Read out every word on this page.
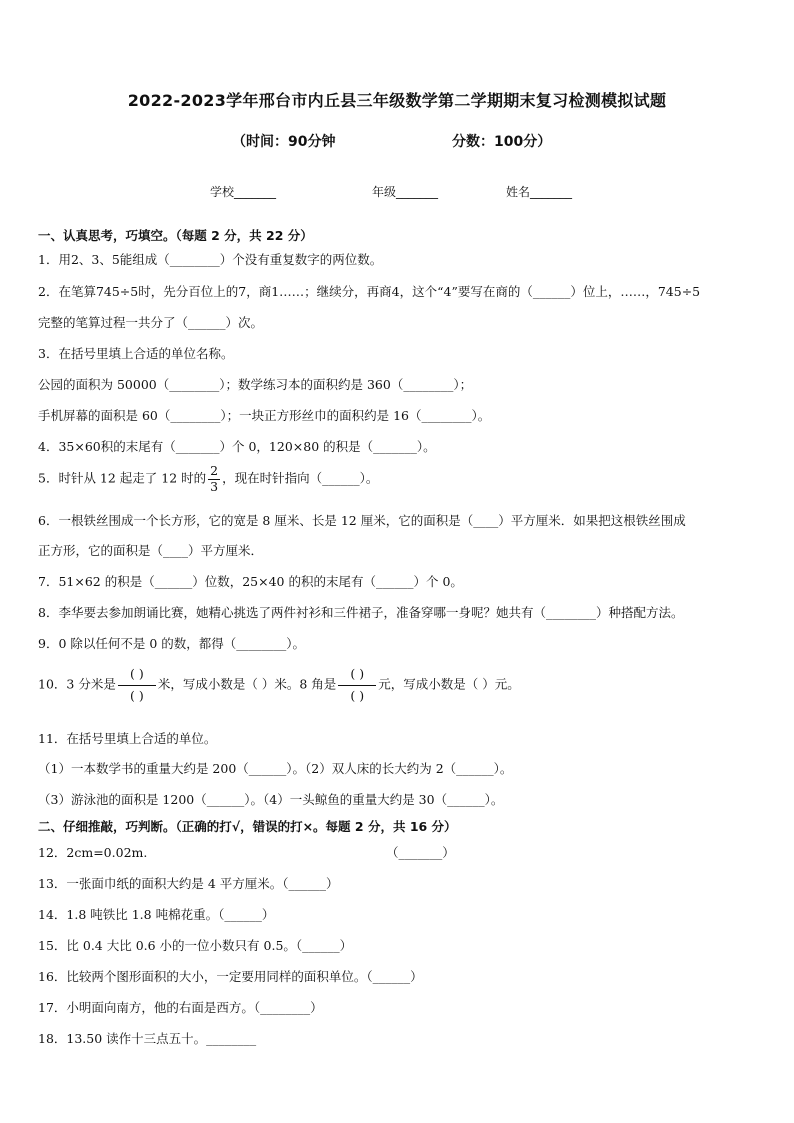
2022-2023学年邢台市内丘县三年级数学第二学期期末复习检测模拟试题
（时间：90分钟	分数：100分）
学校_______	年级_______	姓名_______
一、认真思考，巧填空。（每题 2 分，共 22 分）
1．用2、3、5能组成（________）个没有重复数字的两位数。
2．在笔算745÷5时，先分百位上的7，商1……；继续分，再商4，这个“4”要写在商的（______）位上，……，745÷5
完整的笔算过程一共分了（______）次。
3．在括号里填上合适的单位名称。
公园的面积为 50000（________）；数学练习本的面积约是 360（________）；
手机屏幕的面积是 60（________）；一块正方形丝巾的面积约是 16（________）。
4．35×60积的末尾有（_______）个 0，120×80 的积是（_______）。
5．时针从 12 起走了 12 时的 $\frac{2}{3}$ ，现在时针指向（______）。
6．一根铁丝围成一个长方形，它的宽是 8 厘米、长是 12 厘米，它的面积是（____）平方厘米．如果把这根铁丝围成
正方形，它的面积是（____）平方厘米．
7．51×62 的积是（______）位数，25×40 的积的末尾有（______）个 0。
8．李华要去参加朗诵比赛，她精心挑选了两件衬衫和三件裙子，准备穿哪一身呢？她共有（________）种搭配方法。
9．0 除以任何不是 0 的数，都得（________）。
10．3 分米是 $\frac{( )}{( )}$ 米，写成小数是（ ）米。8 角是 $\frac{( )}{( )}$ 元，写成小数是（ ）元。
11．在括号里填上合适的单位。
（1）一本数学书的重量大约是 200（______）。（2）双人床的长大约为 2（______）。
（3）游泳池的面积是 1200（______）。（4）一头鲸鱼的重量大约是 30（______）。
二、仔细推敲，巧判断。（正确的打√，错误的打×。每题 2 分，共 16 分）
12．2cm=0.02m.	（_______）
13．一张面巾纸的面积大约是 4 平方厘米。（______）
14．1.8 吨铁比 1.8 吨棉花重。（______）
15．比 0.4 大比 0.6 小的一位小数只有 0.5。（______）
16．比较两个图形面积的大小，一定要用同样的面积单位。（______）
17．小明面向南方，他的右面是西方。（________）
18．13.50 读作十三点五十。________
